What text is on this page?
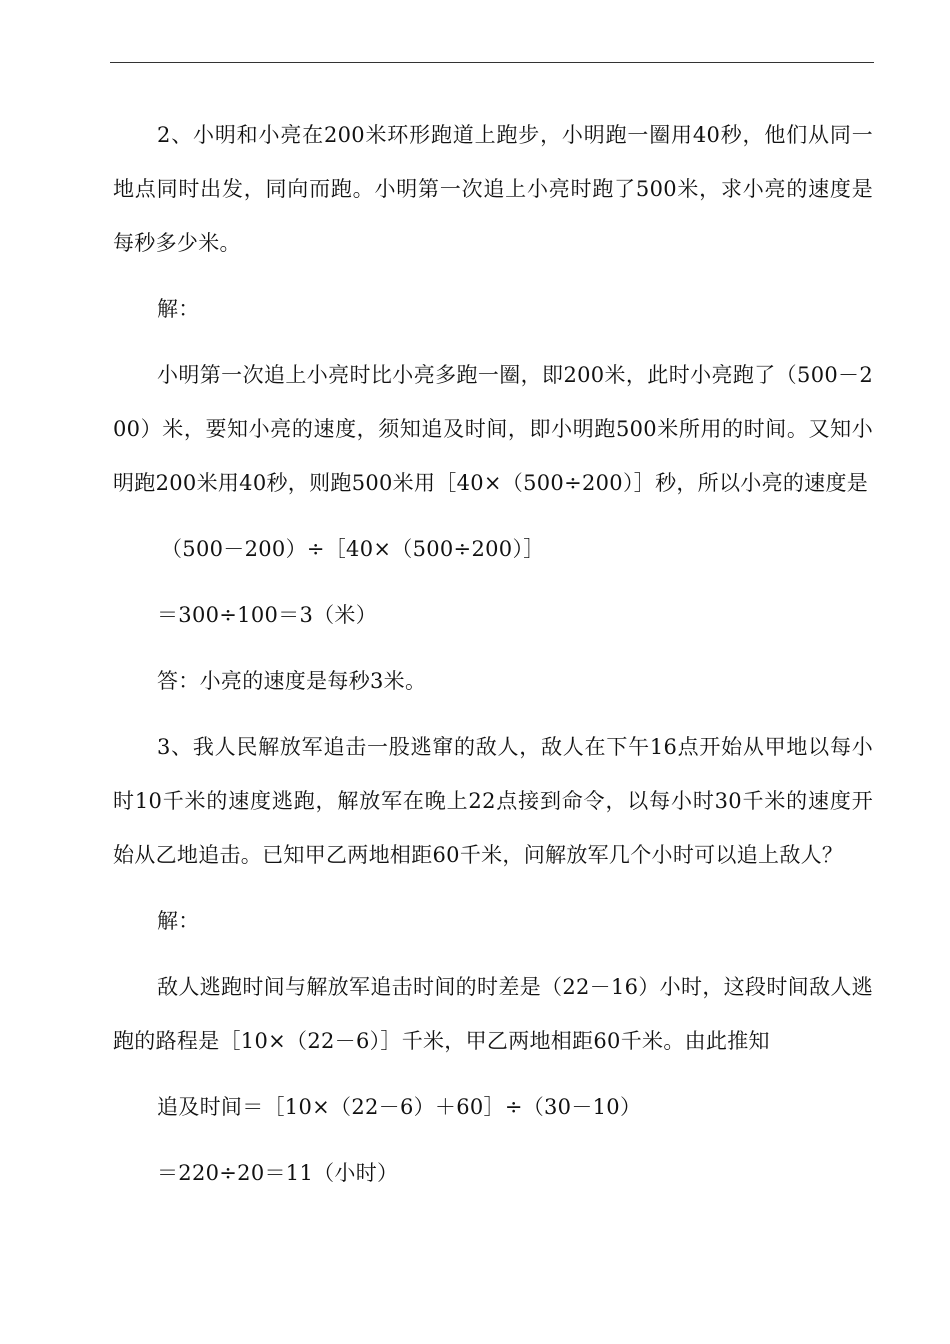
2、小明和小亮在200米环形跑道上跑步，小明跑一圈用40秒，他们从同一地点同时出发，同向而跑。小明第一次追上小亮时跑了500米，求小亮的速度是每秒多少米。

解：

小明第一次追上小亮时比小亮多跑一圈，即200米，此时小亮跑了（500－200）米，要知小亮的速度，须知追及时间，即小明跑500米所用的时间。又知小明跑200米用40秒，则跑500米用［40×（500÷200）］秒，所以小亮的速度是

（500－200）÷［40×（500÷200）］

＝300÷100＝3（米）

答：小亮的速度是每秒3米。

3、我人民解放军追击一股逃窜的敌人，敌人在下午16点开始从甲地以每小时10千米的速度逃跑，解放军在晚上22点接到命令，以每小时30千米的速度开始从乙地追击。已知甲乙两地相距60千米，问解放军几个小时可以追上敌人？

解：

敌人逃跑时间与解放军追击时间的时差是（22－16）小时，这段时间敌人逃跑的路程是［10×（22－6）］千米，甲乙两地相距60千米。由此推知

追及时间＝［10×（22－6）＋60］÷（30－10）

＝220÷20＝11（小时）
